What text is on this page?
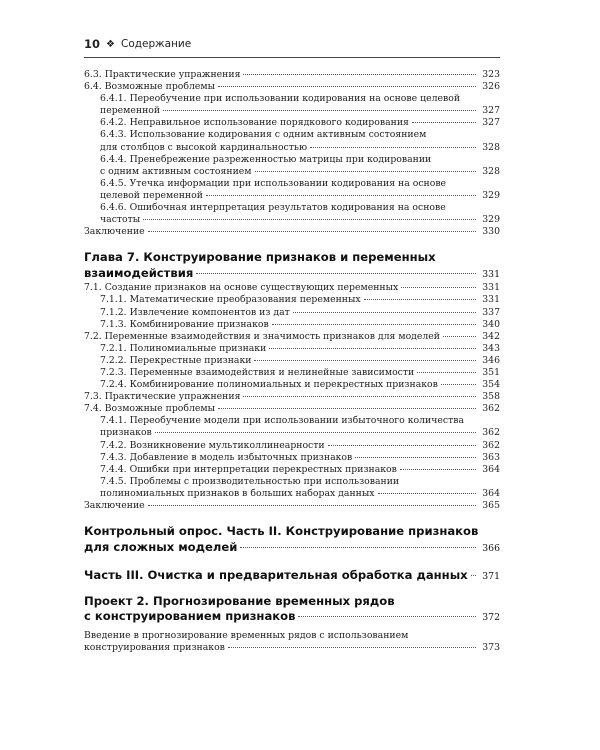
10 ❖ Содержание
6.3. Практические упражнения	323
6.4. Возможные проблемы	326
6.4.1. Переобучение при использовании кодирования на основе целевой
переменной	327
6.4.2. Неправильное использование порядкового кодирования	327
6.4.3. Использование кодирования с одним активным состоянием
для столбцов с высокой кардинальностью	328
6.4.4. Пренебрежение разреженностью матрицы при кодировании
с одним активным состоянием	328
6.4.5. Утечка информации при использовании кодирования на основе
целевой переменной	329
6.4.6. Ошибочная интерпретация результатов кодирования на основе
частоты	329
Заключение	330
Глава 7. Конструирование признаков и переменных
взаимодействия	331
7.1. Создание признаков на основе существующих переменных	331
7.1.1. Математические преобразования переменных	331
7.1.2. Извлечение компонентов из дат	337
7.1.3. Комбинирование признаков	340
7.2. Переменные взаимодействия и значимость признаков для моделей	342
7.2.1. Полиномиальные признаки	343
7.2.2. Перекрестные признаки	346
7.2.3. Переменные взаимодействия и нелинейные зависимости	351
7.2.4. Комбинирование полиномиальных и перекрестных признаков	354
7.3. Практические упражнения	358
7.4. Возможные проблемы	362
7.4.1. Переобучение модели при использовании избыточного количества
признаков	362
7.4.2. Возникновение мультиколлинеарности	362
7.4.3. Добавление в модель избыточных признаков	363
7.4.4. Ошибки при интерпретации перекрестных признаков	364
7.4.5. Проблемы с производительностью при использовании
полиномиальных признаков в больших наборах данных	364
Заключение	365
Контрольный опрос. Часть II. Конструирование признаков
для сложных моделей	366
Часть III. Очистка и предварительная обработка данных	371
Проект 2. Прогнозирование временных рядов
с конструированием признаков	372
Введение в прогнозирование временных рядов с использованием
конструирования признаков	373
